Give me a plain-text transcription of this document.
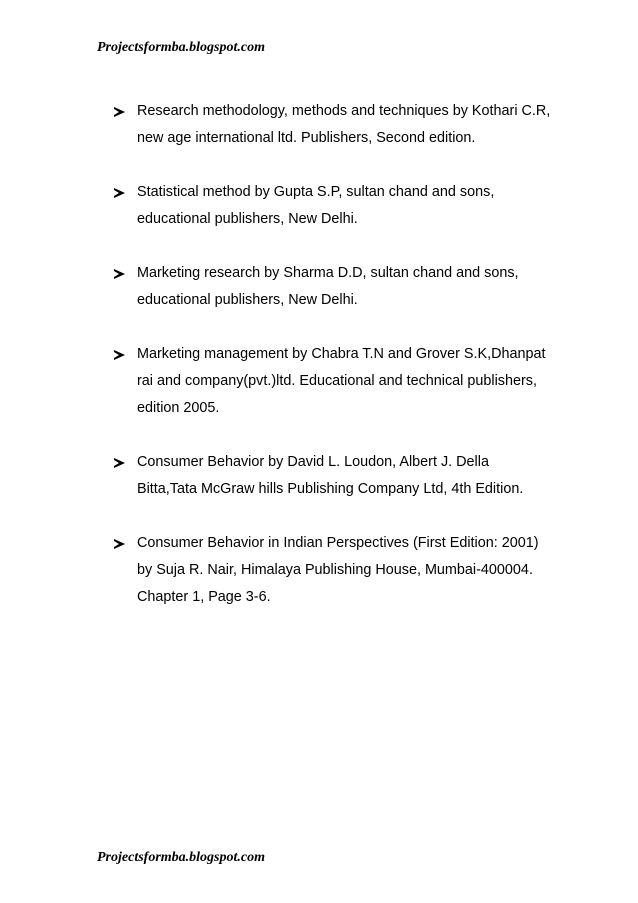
Projectsformba.blogspot.com
Research methodology, methods and techniques by Kothari C.R,
new age international ltd. Publishers, Second edition.
Statistical method by Gupta S.P, sultan chand and sons,
educational publishers, New Delhi.
Marketing research by Sharma D.D, sultan chand and sons,
educational publishers, New Delhi.
Marketing management by Chabra T.N and Grover S.K,Dhanpat
rai and company(pvt.)ltd. Educational and technical publishers,
edition 2005.
Consumer Behavior by David L. Loudon, Albert J. Della
Bitta,Tata McGraw hills Publishing Company Ltd, 4th Edition.
Consumer Behavior in Indian Perspectives (First Edition: 2001)
by Suja R. Nair, Himalaya Publishing House, Mumbai-400004.
Chapter 1, Page 3-6.
Projectsformba.blogspot.com
